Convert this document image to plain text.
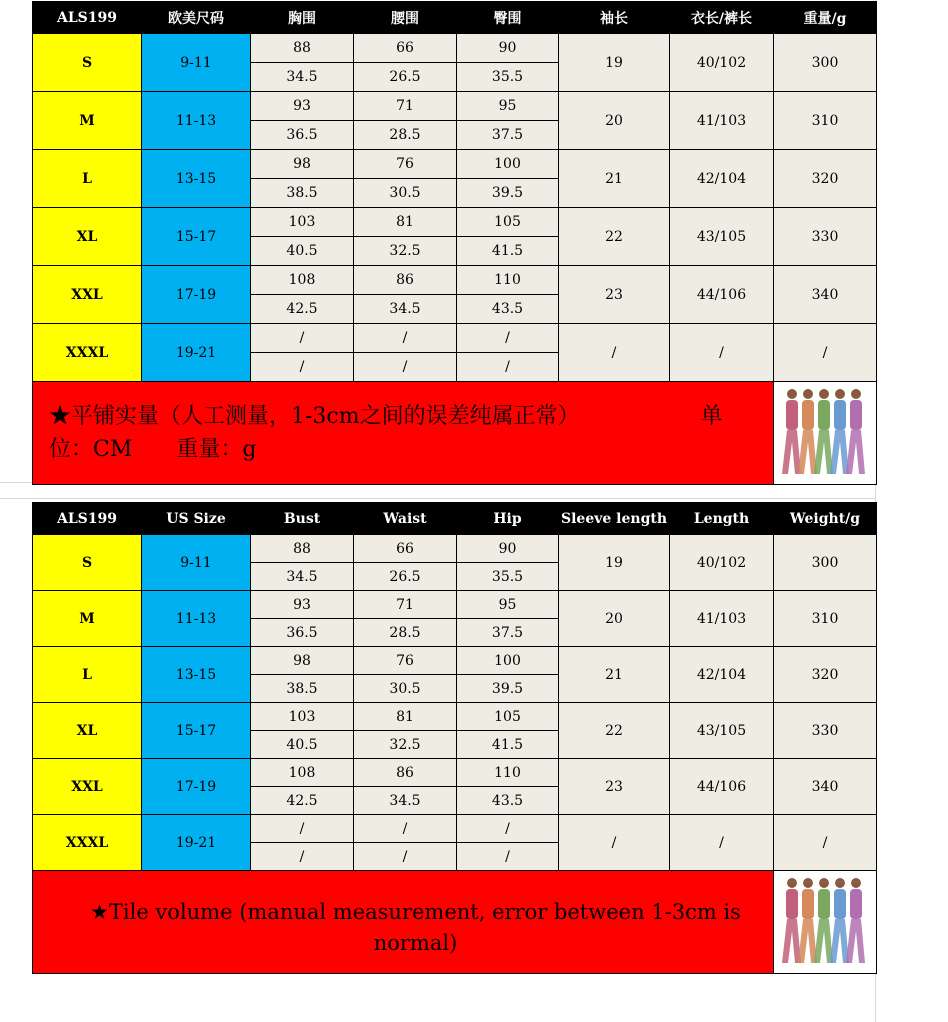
ALS199	欧美尺码	胸围	腰围	臀围	袖长	衣长/裤长	重量/g
S	9-11	88	66	90	19	40/102	300
		34.5	26.5	35.5			
M	11-13	93	71	95	20	41/103	310
		36.5	28.5	37.5			
L	13-15	98	76	100	21	42/104	320
		38.5	30.5	39.5			
XL	15-17	103	81	105	22	43/105	330
		40.5	32.5	41.5			
XXL	17-19	108	86	110	23	44/106	340
		42.5	34.5	43.5			
XXXL	19-21	/	/	/	/	/	/
		/	/	/			

★平铺实量（人工测量，1-3cm之间的误差纯属正常）　　　　　　单位：CM　　重量：g							
ALS199	US Size	Bust	Waist	Hip	Sleeve length	Length	Weight/g
S	9-11	88	66	90	19	40/102	300
		34.5	26.5	35.5			
M	11-13	93	71	95	20	41/103	310
		36.5	28.5	37.5			
L	13-15	98	76	100	21	42/104	320
		38.5	30.5	39.5			
XL	15-17	103	81	105	22	43/105	330
		40.5	32.5	41.5			
XXL	17-19	108	86	110	23	44/106	340
		42.5	34.5	43.5			
XXXL	19-21	/	/	/	/	/	/
		/	/	/			

★Tile volume (manual measurement, error between 1-3cm is normal)							
